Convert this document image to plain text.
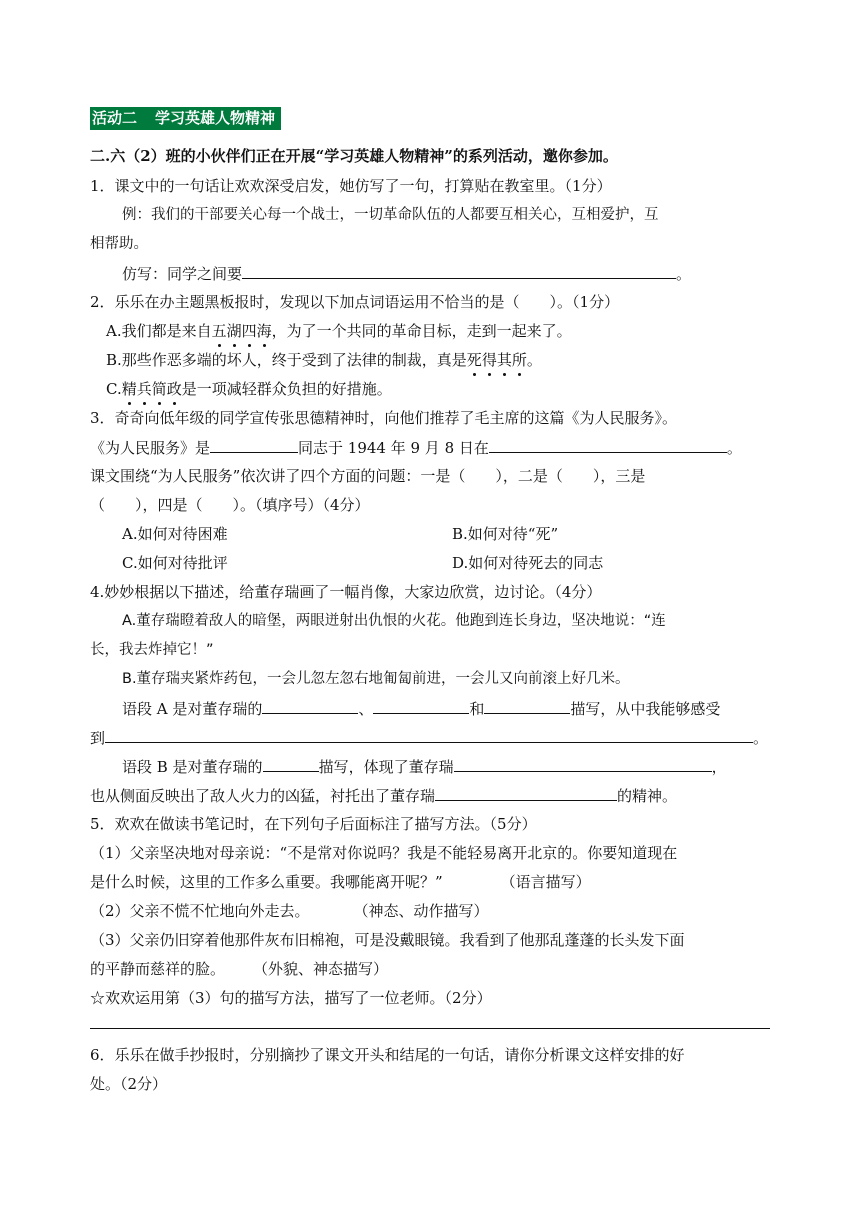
活动二 学习英雄人物精神
二.六（2）班的小伙伴们正在开展“学习英雄人物精神”的系列活动，邀你参加。
1．课文中的一句话让欢欢深受启发，她仿写了一句，打算贴在教室里。（1分）
例：我们的干部要关心每一个战士，一切革命队伍的人都要互相关心，互相爱护，互
相帮助。
仿写：同学之间要	。
2．乐乐在办主题黑板报时，发现以下加点词语运用不恰当的是（　　）。（1分）
A.我们都是来自五湖四海，为了一个共同的革命目标，走到一起来了。
B.那些作恶多端的坏人，终于受到了法律的制裁，真是死得其所。
C.精兵简政是一项减轻群众负担的好措施。
3．奇奇向低年级的同学宣传张思德精神时，向他们推荐了毛主席的这篇《为人民服务》。
《为人民服务》是	同志于 1944 年 9 月 8 日在	。
课文围绕“为人民服务”依次讲了四个方面的问题：一是（　　），二是（　　），三是
（　　），四是（　　）。（填序号）（4分）
A.如何对待困难	B.如何对待“死”
C.如何对待批评	D.如何对待死去的同志
4.妙妙根据以下描述，给董存瑞画了一幅肖像，大家边欣赏，边讨论。（4分）
A.董存瑞瞪着敌人的暗堡，两眼迸射出仇恨的火花。他跑到连长身边，坚决地说：“连
长，我去炸掉它！”
B.董存瑞夹紧炸药包，一会儿忽左忽右地匍匐前进，一会儿又向前滚上好几米。
语段 A 是对董存瑞的	、	和	描写，从中我能够感受
到	。
语段 B 是对董存瑞的	描写，体现了董存瑞	，
也从侧面反映出了敌人火力的凶猛，衬托出了董存瑞	的精神。
5．欢欢在做读书笔记时，在下列句子后面标注了描写方法。（5分）
（1）父亲坚决地对母亲说：“不是常对你说吗？我是不能轻易离开北京的。你要知道现在
是什么时候，这里的工作多么重要。我哪能离开呢？”	（语言描写）
（2）父亲不慌不忙地向外走去。	（神态、动作描写）
（3）父亲仍旧穿着他那件灰布旧棉袍，可是没戴眼镜。我看到了他那乱蓬蓬的长头发下面
的平静而慈祥的脸。 （外貌、神态描写）
☆欢欢运用第（3）句的描写方法，描写了一位老师。（2分）
6．乐乐在做手抄报时，分别摘抄了课文开头和结尾的一句话，请你分析课文这样安排的好
处。（2分）
